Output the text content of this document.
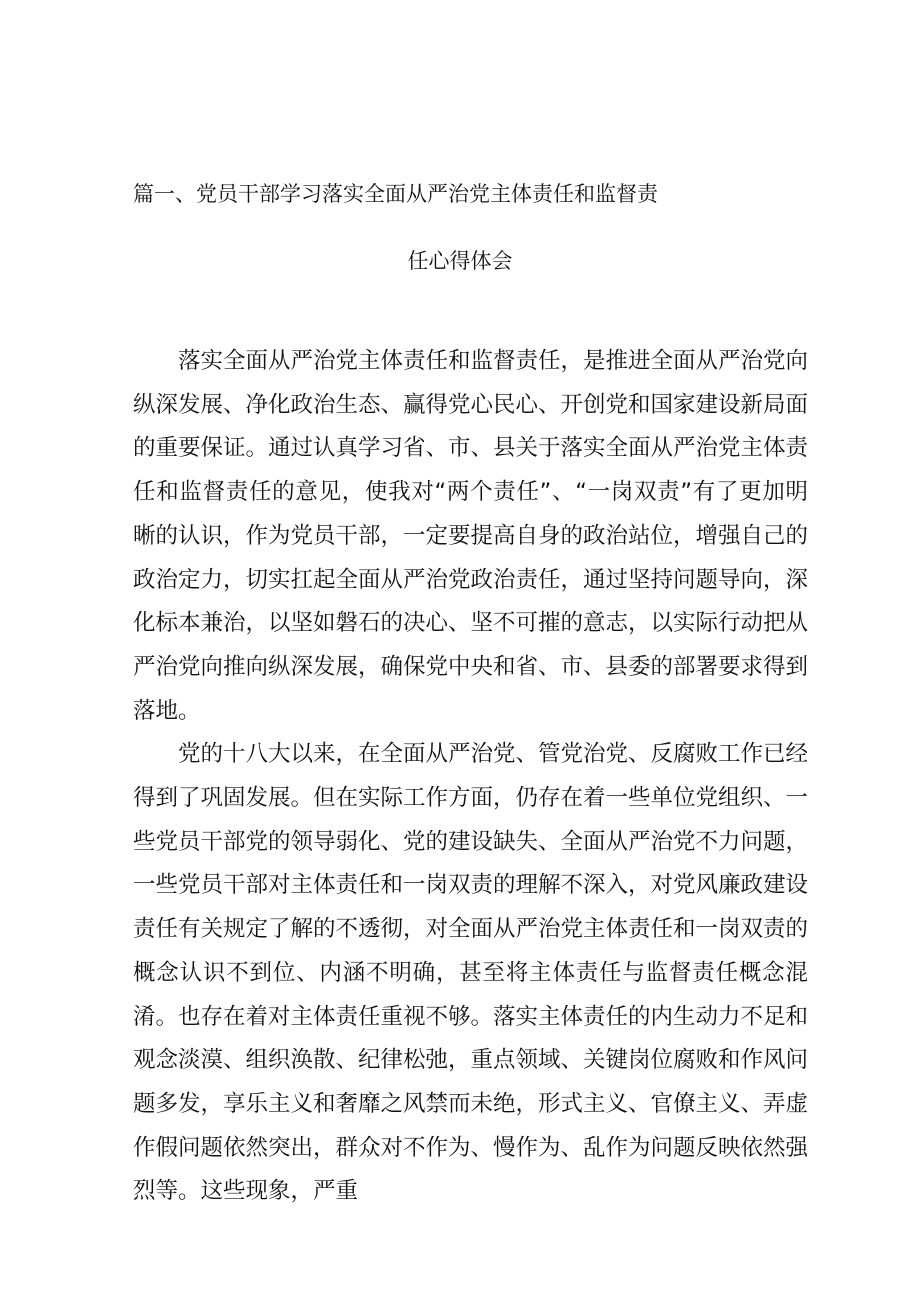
篇一、党员干部学习落实全面从严治党主体责任和监督责
任心得体会

落实全面从严治党主体责任和监督责任，是推进全面从严治党向纵深发展、净化政治生态、赢得党心民心、开创党和国家建设新局面的重要保证。通过认真学习省、市、县关于落实全面从严治党主体责任和监督责任的意见，使我对“两个责任”、“一岗双责”有了更加明晰的认识，作为党员干部，一定要提高自身的政治站位，增强自己的政治定力，切实扛起全面从严治党政治责任，通过坚持问题导向，深化标本兼治，以坚如磐石的决心、坚不可摧的意志，以实际行动把从严治党向推向纵深发展，确保党中央和省、市、县委的部署要求得到落地。

党的十八大以来，在全面从严治党、管党治党、反腐败工作已经得到了巩固发展。但在实际工作方面，仍存在着一些单位党组织、一些党员干部党的领导弱化、党的建设缺失、全面从严治党不力问题，一些党员干部对主体责任和一岗双责的理解不深入，对党风廉政建设责任有关规定了解的不透彻，对全面从严治党主体责任和一岗双责的概念认识不到位、内涵不明确，甚至将主体责任与监督责任概念混淆。也存在着对主体责任重视不够。落实主体责任的内生动力不足和观念淡漠、组织涣散、纪律松弛，重点领域、关键岗位腐败和作风问题多发，享乐主义和奢靡之风禁而未绝，形式主义、官僚主义、弄虚作假问题依然突出，群众对不作为、慢作为、乱作为问题反映依然强烈等。这些现象，严重
